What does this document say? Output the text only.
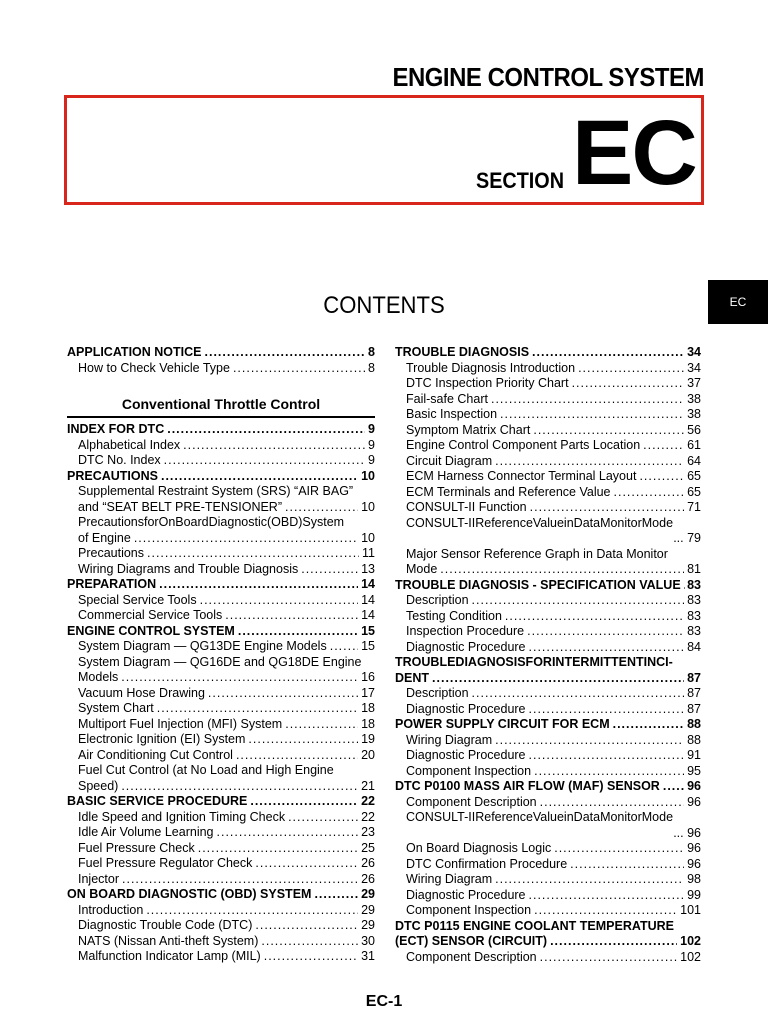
ENGINE CONTROL SYSTEM
SECTION EC
EC
CONTENTS
APPLICATION NOTICE .....	8
How to Check Vehicle Type .....	8
Conventional Throttle Control
INDEX FOR DTC .....	9
Alphabetical Index .....	9
DTC No. Index .....	9
PRECAUTIONS .....	10
Supplemental Restraint System (SRS) “AIR BAG”
and “SEAT BELT PRE-TENSIONER” .....	10
PrecautionsforOnBoardDiagnostic(OBD)System
of Engine .....	10
Precautions .....	11
Wiring Diagrams and Trouble Diagnosis .....	13
PREPARATION .....	14
Special Service Tools .....	14
Commercial Service Tools .....	14
ENGINE CONTROL SYSTEM .....	15
System Diagram — QG13DE Engine Models .....	15
System Diagram — QG16DE and QG18DE Engine
Models .....	16
Vacuum Hose Drawing .....	17
System Chart .....	18
Multiport Fuel Injection (MFI) System .....	18
Electronic Ignition (EI) System .....	19
Air Conditioning Cut Control .....	20
Fuel Cut Control (at No Load and High Engine
Speed) .....	21
BASIC SERVICE PROCEDURE .....	22
Idle Speed and Ignition Timing Check .....	22
Idle Air Volume Learning .....	23
Fuel Pressure Check .....	25
Fuel Pressure Regulator Check .....	26
Injector .....	26
ON BOARD DIAGNOSTIC (OBD) SYSTEM .....	29
Introduction .....	29
Diagnostic Trouble Code (DTC) .....	29
NATS (Nissan Anti-theft System) .....	30
Malfunction Indicator Lamp (MIL) .....	31
TROUBLE DIAGNOSIS .....	34
Trouble Diagnosis Introduction .....	34
DTC Inspection Priority Chart .....	37
Fail-safe Chart .....	38
Basic Inspection .....	38
Symptom Matrix Chart .....	56
Engine Control Component Parts Location .....	61
Circuit Diagram .....	64
ECM Harness Connector Terminal Layout .....	65
ECM Terminals and Reference Value .....	65
CONSULT-II Function .....	71
CONSULT-IIReferenceValueinDataMonitorMode
... 79
Major Sensor Reference Graph in Data Monitor
Mode .....	81
TROUBLE DIAGNOSIS - SPECIFICATION VALUE ..... 83
Description .....	83
Testing Condition .....	83
Inspection Procedure .....	83
Diagnostic Procedure .....	84
TROUBLEDIAGNOSISFORINTERMITTENTINCI-
DENT .....	87
Description .....	87
Diagnostic Procedure .....	87
POWER SUPPLY CIRCUIT FOR ECM .....	88
Wiring Diagram .....	88
Diagnostic Procedure .....	91
Component Inspection .....	95
DTC P0100 MASS AIR FLOW (MAF) SENSOR ..... 96
Component Description .....	96
CONSULT-IIReferenceValueinDataMonitorMode
... 96
On Board Diagnosis Logic .....	96
DTC Confirmation Procedure .....	96
Wiring Diagram .....	98
Diagnostic Procedure .....	99
Component Inspection .....	101
DTC P0115 ENGINE COOLANT TEMPERATURE
(ECT) SENSOR (CIRCUIT) .....	102
Component Description .....	102
EC-1
